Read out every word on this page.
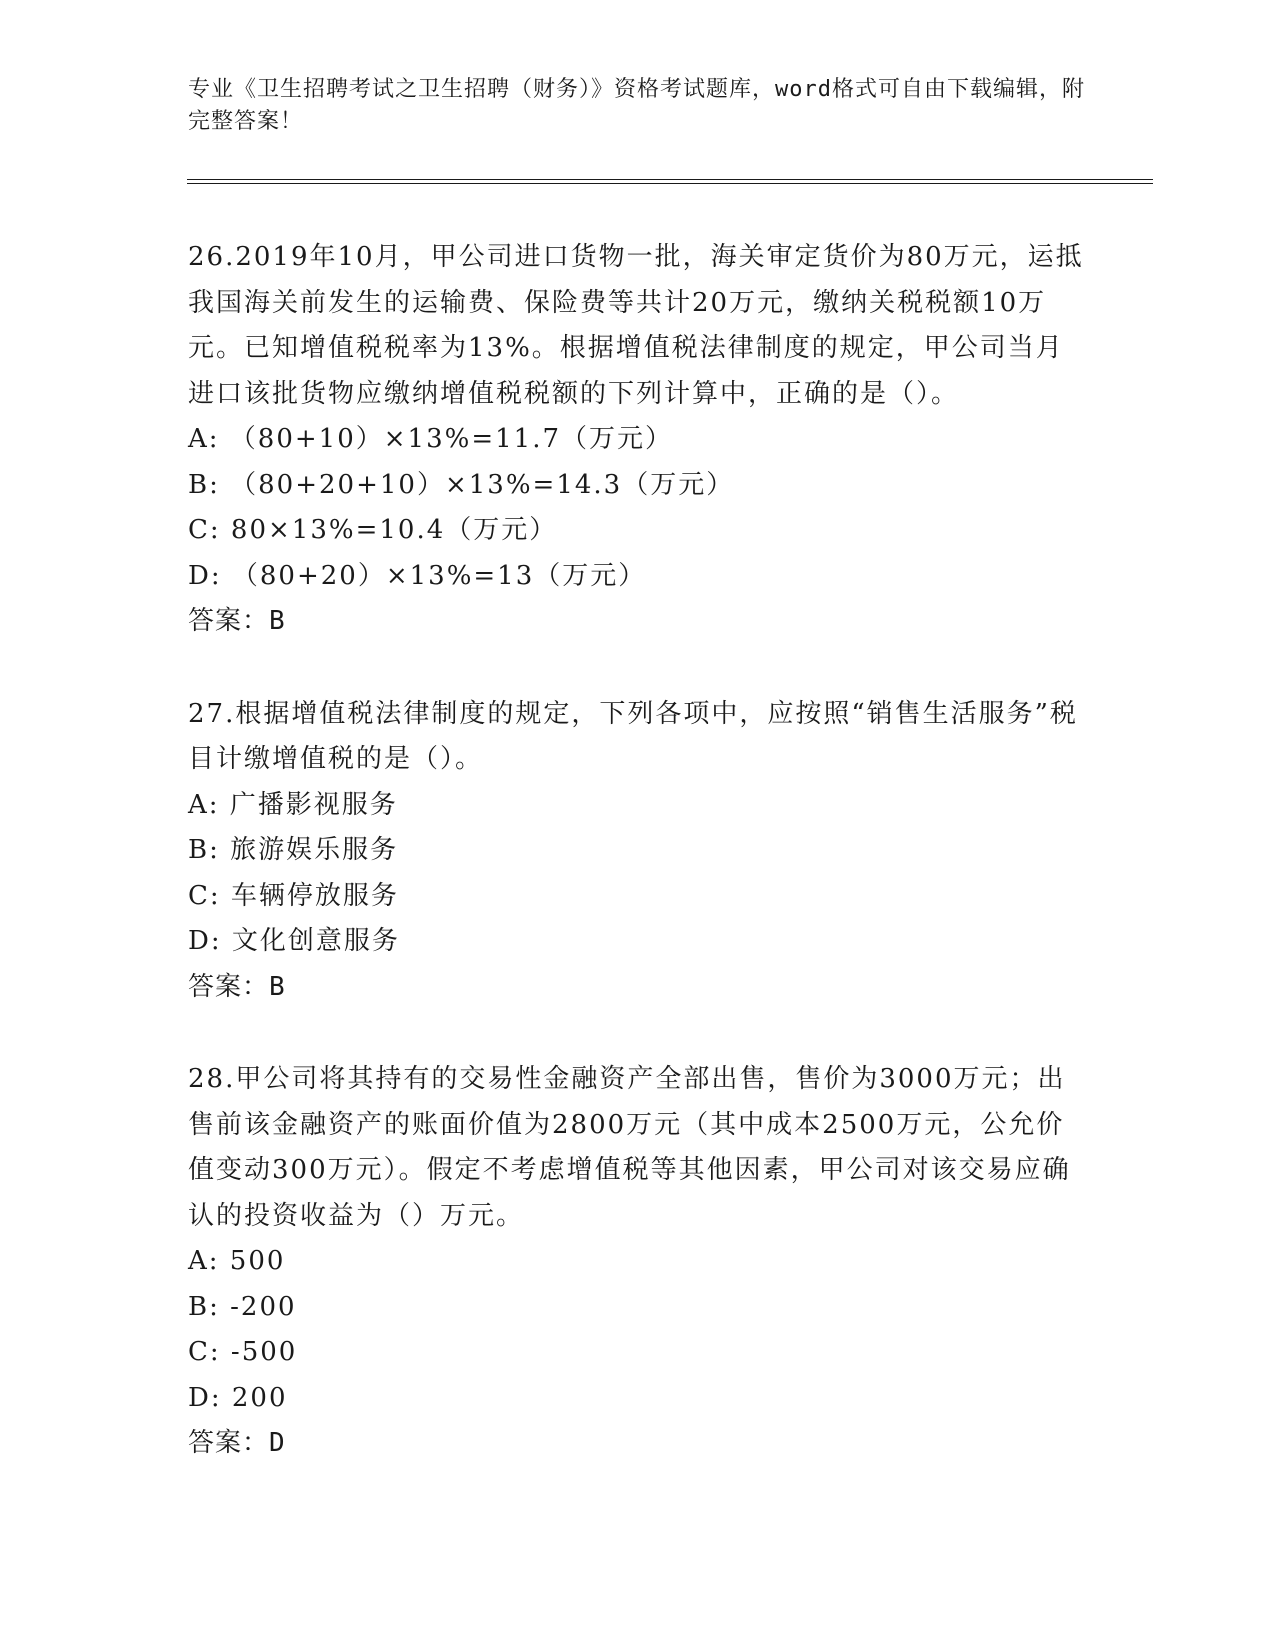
专业《卫生招聘考试之卫生招聘（财务）》资格考试题库，word格式可自由下载编辑，附完整答案！
26.2019年10月，甲公司进口货物一批，海关审定货价为80万元，运抵我国海关前发生的运输费、保险费等共计20万元，缴纳关税税额10万元。已知增值税税率为13%。根据增值税法律制度的规定，甲公司当月进口该批货物应缴纳增值税税额的下列计算中，正确的是（）。
A: （80+10）×13%=11.7（万元）
B: （80+20+10）×13%=14.3（万元）
C: 80×13%=10.4（万元）
D: （80+20）×13%=13（万元）
答案：B
27.根据增值税法律制度的规定，下列各项中，应按照“销售生活服务”税目计缴增值税的是（）。
A: 广播影视服务
B: 旅游娱乐服务
C: 车辆停放服务
D: 文化创意服务
答案：B
28.甲公司将其持有的交易性金融资产全部出售，售价为3000万元；出售前该金融资产的账面价值为2800万元（其中成本2500万元，公允价值变动300万元）。假定不考虑增值税等其他因素，甲公司对该交易应确认的投资收益为（）万元。
A: 500
B: -200
C: -500
D: 200
答案：D
